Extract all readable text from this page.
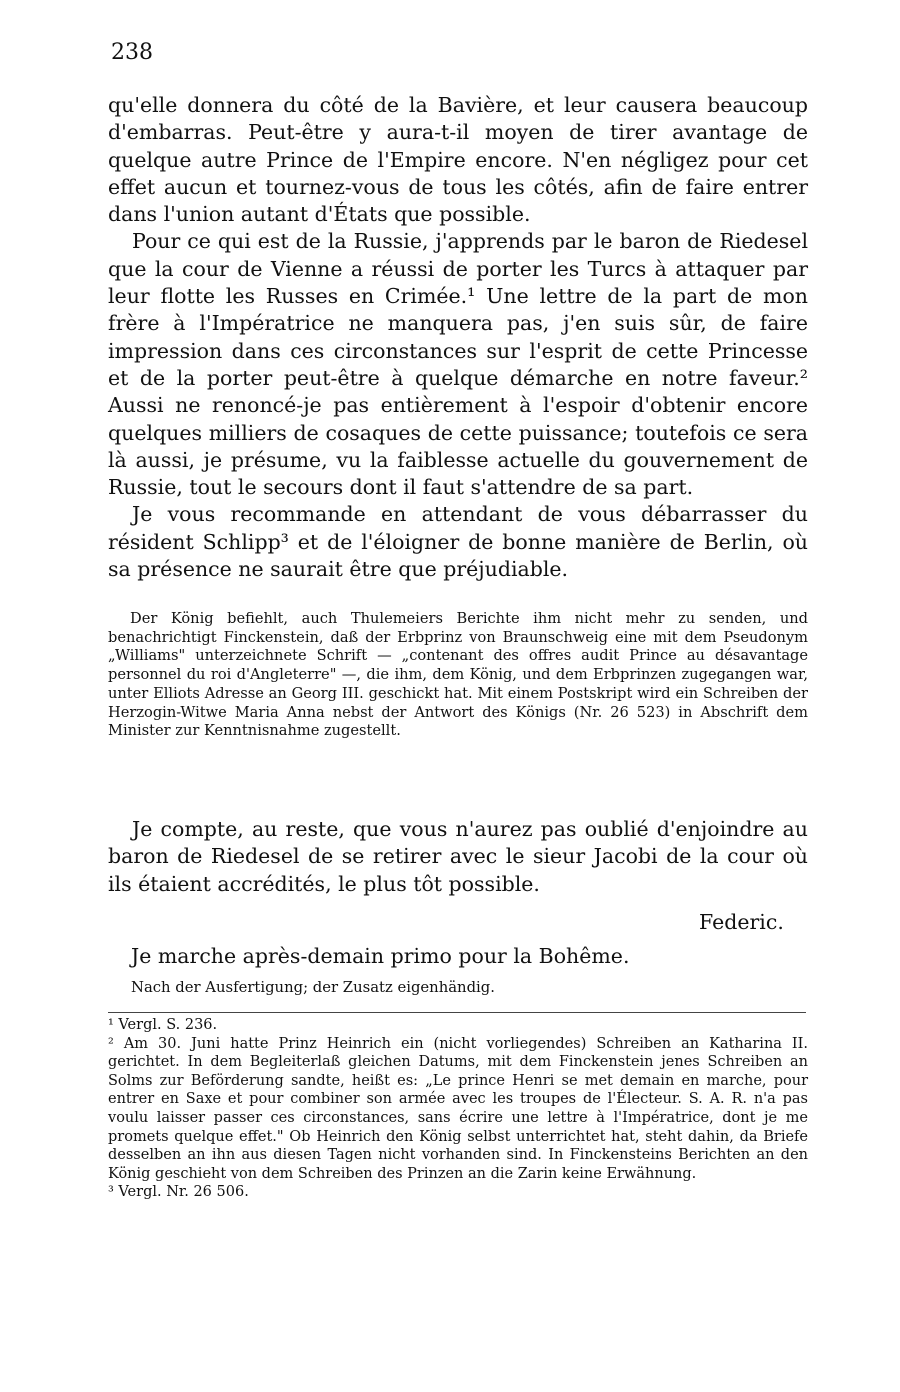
238

qu'elle donnera du côté de la Bavière, et leur causera beaucoup d'embarras. Peut-être y aura-t-il moyen de tirer avantage de quelque autre Prince de l'Empire encore. N'en négligez pour cet effet aucun et tournez-vous de tous les côtés, afin de faire entrer dans l'union autant d'États que possible.

Pour ce qui est de la Russie, j'apprends par le baron de Riedesel que la cour de Vienne a réussi de porter les Turcs à attaquer par leur flotte les Russes en Crimée.¹ Une lettre de la part de mon frère à l'Impératrice ne manquera pas, j'en suis sûr, de faire impression dans ces circonstances sur l'esprit de cette Princesse et de la porter peut-être à quelque démarche en notre faveur.² Aussi ne renoncé-je pas entièrement à l'espoir d'obtenir encore quelques milliers de cosaques de cette puissance; toutefois ce sera là aussi, je présume, vu la faiblesse actuelle du gouvernement de Russie, tout le secours dont il faut s'attendre de sa part.

Je vous recommande en attendant de vous débarrasser du résident Schlipp³ et de l'éloigner de bonne manière de Berlin, où sa présence ne saurait être que préjudiable.

Der König befiehlt, auch Thulemeiers Berichte ihm nicht mehr zu senden, und benachrichtigt Finckenstein, daß der Erbprinz von Braunschweig eine mit dem Pseudonym „Williams" unterzeichnete Schrift — „contenant des offres audit Prince au désavantage personnel du roi d'Angleterre" —, die ihm, dem König, und dem Erbprinzen zugegangen war, unter Elliots Adresse an Georg III. geschickt hat. Mit einem Postskript wird ein Schreiben der Herzogin-Witwe Maria Anna nebst der Antwort des Königs (Nr. 26 523) in Abschrift dem Minister zur Kenntnisnahme zugestellt.

Je compte, au reste, que vous n'aurez pas oublié d'enjoindre au baron de Riedesel de se retirer avec le sieur Jacobi de la cour où ils étaient accrédités, le plus tôt possible.

Federic.
Je marche après-demain primo pour la Bohême.
Nach der Ausfertigung; der Zusatz eigenhändig.

¹ Vergl. S. 236.

² Am 30. Juni hatte Prinz Heinrich ein (nicht vorliegendes) Schreiben an Katharina II. gerichtet. In dem Begleiterlaß gleichen Datums, mit dem Finckenstein jenes Schreiben an Solms zur Beförderung sandte, heißt es: „Le prince Henri se met demain en marche, pour entrer en Saxe et pour combiner son armée avec les troupes de l'Électeur. S. A. R. n'a pas voulu laisser passer ces circonstances, sans écrire une lettre à l'Impératrice, dont je me promets quelque effet." Ob Heinrich den König selbst unterrichtet hat, steht dahin, da Briefe desselben an ihn aus diesen Tagen nicht vorhanden sind. In Finckensteins Berichten an den König geschieht von dem Schreiben des Prinzen an die Zarin keine Erwähnung.

³ Vergl. Nr. 26 506.
